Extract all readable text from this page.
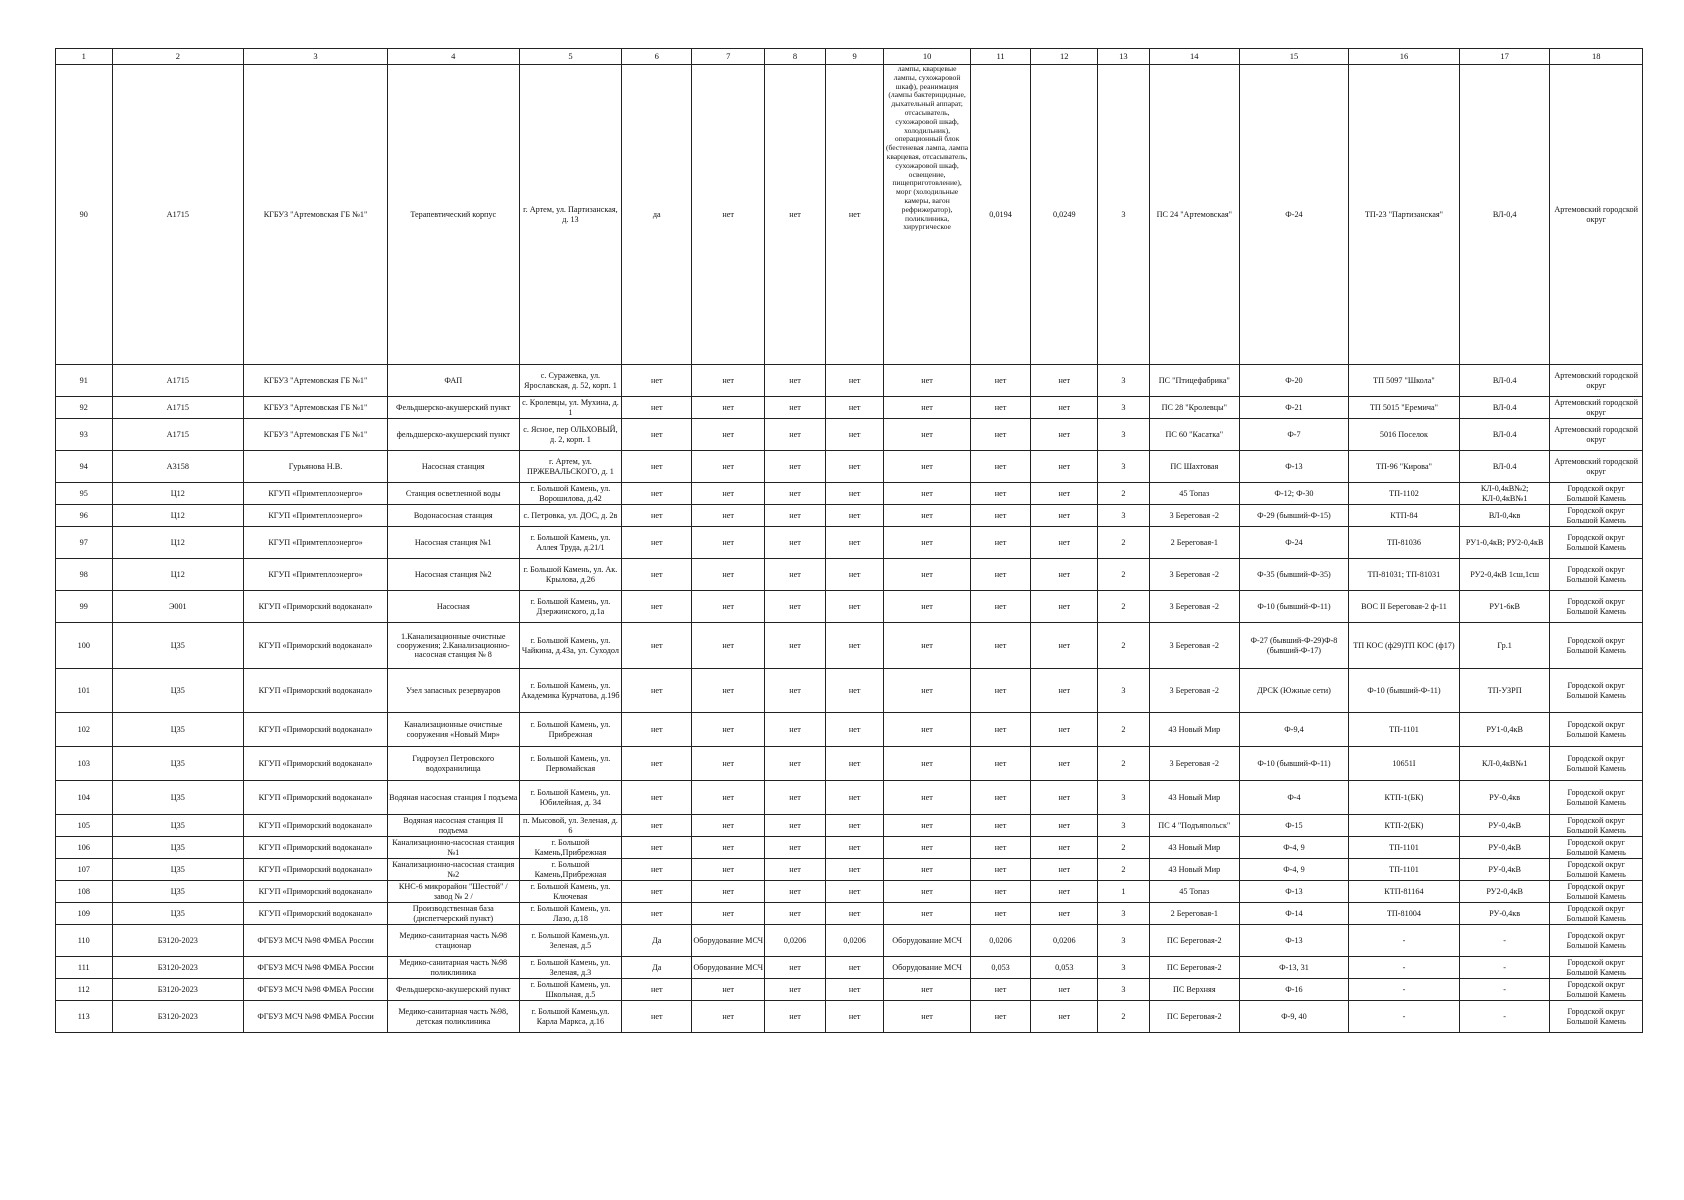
1	2	3	4	5	6	7	8	9	10	11	12	13	14	15	16	17	18
90	А1715	КГБУЗ "Артемовская ГБ №1"	Терапевтический корпус	г. Артем, ул. Партизанская, д. 13	да	нет	нет	нет	лампы, кварцевые лампы, сухожаровой шкаф), реанимация (лампы бактерицидные, дыхательный аппарат, отсасыватель, сухожаровой шкаф, холодильник), операционный блок (бестеневая лампа, лампа кварцевая, отсасыватель, сухожаровой шкаф, освещение, пищеприготовление), морг (холодильные камеры, вагон рефрижератор), поликлиника, хирургическое	0,0194	0,0249	3	ПС 24 "Артемовская"	Ф-24	ТП-23 "Партизанская"	ВЛ-0,4	Артемовский городской округ
91	А1715	КГБУЗ "Артемовская ГБ №1"	ФАП	с. Суражевка, ул. Ярославская, д. 52, корп. 1	нет	нет	нет	нет	нет	нет	нет	3	ПС "Птицефабрика"	Ф-20	ТП 5097 "Школа"	ВЛ-0.4	Артемовский городской округ
92	А1715	КГБУЗ "Артемовская ГБ №1"	Фельдшерско-акушерский пункт	с. Кролевцы, ул. Мухина, д. 1	нет	нет	нет	нет	нет	нет	нет	3	ПС 28 "Кролевцы"	Ф-21	ТП 5015 "Еремича"	ВЛ-0.4	Артемовский городской округ
93	А1715	КГБУЗ "Артемовская ГБ №1"	фельдшерско-акушерский пункт	с. Ясное, пер ОЛЬХОВЫЙ, д. 2, корп. 1	нет	нет	нет	нет	нет	нет	нет	3	ПС 60 "Касатка"	Ф-7	5016 Поселок	ВЛ-0.4	Артемовский городской округ
94	А3158	Гурьянова Н.В.	Насосная станция	г. Артем, ул. ПРЖЕВАЛЬСКОГО, д. 1	нет	нет	нет	нет	нет	нет	нет	3	ПС Шахтовая	Ф-13	ТП-96 "Кирова"	ВЛ-0.4	Артемовский городской округ
95	Ц12	КГУП «Примтеплоэнерго»	Станция осветленной воды	г. Большой Камень, ул. Ворошилова, д.42	нет	нет	нет	нет	нет	нет	нет	2	45 Топаз	Ф-12; Ф-30	ТП-1102	КЛ-0,4кВ№2; КЛ-0,4кВ№1	Городской округ Большой Камень
96	Ц12	КГУП «Примтеплоэнерго»	Водонасосная станция	с. Петровка, ул. ДОС, д. 2в	нет	нет	нет	нет	нет	нет	нет	3	3 Береговая -2	Ф-29 (бывший-Ф-15)	КТП-84	ВЛ-0,4кв	Городской округ Большой Камень
97	Ц12	КГУП «Примтеплоэнерго»	Насосная станция №1	г. Большой Камень, ул. Аллея Труда, д.21/1	нет	нет	нет	нет	нет	нет	нет	2	2 Береговая-1	Ф-24	ТП-81036	РУ1-0,4кВ; РУ2-0,4кВ	Городской округ Большой Камень
98	Ц12	КГУП «Примтеплоэнерго»	Насосная станция №2	г. Большой Камень, ул. Ак. Крылова, д.26	нет	нет	нет	нет	нет	нет	нет	2	3 Береговая -2	Ф-35 (бывший-Ф-35)	ТП-81031; ТП-81031	РУ2-0,4кВ 1сш,1сш	Городской округ Большой Камень
99	Э001	КГУП «Приморский водоканал»	Насосная	г. Большой Камень, ул. Дзержинского, д.1а	нет	нет	нет	нет	нет	нет	нет	2	3 Береговая -2	Ф-10 (бывший-Ф-11)	ВОС II Береговая-2 ф-11	РУ1-6кВ	Городской округ Большой Камень
100	Ц35	КГУП «Приморский водоканал»	1.Канализационные очистные сооружения; 2.Канализационно-насосная станция № 8	г. Большой Камень, ул. Чайкина, д.43а, ул. Суходол	нет	нет	нет	нет	нет	нет	нет	2	3 Береговая -2	Ф-27 (бывший-Ф-29)Ф-8 (бывший-Ф-17)	ТП КОС (ф29)ТП КОС (ф17)	Гр.1	Городской округ Большой Камень
101	Ц35	КГУП «Приморский водоканал»	Узел запасных резервуаров	г. Большой Камень, ул. Академика Курчатова, д.19б	нет	нет	нет	нет	нет	нет	нет	3	3 Береговая -2	ДРСК (Южные сети)	Ф-10 (бывший-Ф-11)	ТП-УЗРП	Городской округ Большой Камень
102	Ц35	КГУП «Приморский водоканал»	Канализационные очистные сооружения «Новый Мир»	г. Большой Камень, ул. Прибрежная	нет	нет	нет	нет	нет	нет	нет	2	43 Новый Мир	Ф-9,4	ТП-1101	РУ1-0,4кВ	Городской округ Большой Камень
103	Ц35	КГУП «Приморский водоканал»	Гидроузел Петровского водохранилища	г. Большой Камень, ул. Первомайская	нет	нет	нет	нет	нет	нет	нет	2	3 Береговая -2	Ф-10 (бывший-Ф-11)	10651I	КЛ-0,4кВ№1	Городской округ Большой Камень
104	Ц35	КГУП «Приморский водоканал»	Водяная насосная станция I подъема	г. Большой Камень, ул. Юбилейная, д. 34	нет	нет	нет	нет	нет	нет	нет	3	43 Новый Мир	Ф-4	КТП-1(БК)	РУ-0,4кв	Городской округ Большой Камень
105	Ц35	КГУП «Приморский водоканал»	Водяная насосная станция II подъема	п. Мысовой, ул. Зеленая, д. 6	нет	нет	нет	нет	нет	нет	нет	3	ПС 4 "Подъяпольск"	Ф-15	КТП-2(БК)	РУ-0,4кВ	Городской округ Большой Камень
106	Ц35	КГУП «Приморский водоканал»	Канализационно-насосная станция №1	г. Большой Камень,Прибрежная	нет	нет	нет	нет	нет	нет	нет	2	43 Новый Мир	Ф-4, 9	ТП-1101	РУ-0,4кВ	Городской округ Большой Камень
107	Ц35	КГУП «Приморский водоканал»	Канализационно-насосная станция №2	г. Большой Камень,Прибрежная	нет	нет	нет	нет	нет	нет	нет	2	43 Новый Мир	Ф-4, 9	ТП-1101	РУ-0,4кВ	Городской округ Большой Камень
108	Ц35	КГУП «Приморский водоканал»	КНС-6 микрорайон "Шестой" / завод № 2 /	г. Большой Камень, ул. Ключевая	нет	нет	нет	нет	нет	нет	нет	1	45 Топаз	Ф-13	КТП-81164	РУ2-0,4кВ	Городской округ Большой Камень
109	Ц35	КГУП «Приморский водоканал»	Производственная база (диспетчерский пункт)	г. Большой Камень, ул. Лазо, д.18	нет	нет	нет	нет	нет	нет	нет	3	2 Береговая-1	Ф-14	ТП-81004	РУ-0,4кв	Городской округ Большой Камень
110	Б3120-2023	ФГБУЗ МСЧ №98 ФМБА России	Медико-санитарная часть №98 стационар	г. Большой Камень,ул. Зеленая, д.5	Да	Оборудование МСЧ	0,0206	0,0206	Оборудование МСЧ	0,0206	0,0206	3	ПС Береговая-2	Ф-13	-	-	Городской округ Большой Камень
111	Б3120-2023	ФГБУЗ МСЧ №98 ФМБА России	Медико-санитарная часть №98 поликлиника	г. Большой Камень, ул. Зеленая, д.3	Да	Оборудование МСЧ	нет	нет	Оборудование МСЧ	0,053	0,053	3	ПС Береговая-2	Ф-13, 31	-	-	Городской округ Большой Камень
112	Б3120-2023	ФГБУЗ МСЧ №98 ФМБА России	Фельдшерско-акушерский пункт	г. Большой Камень, ул. Школьная, д.5	нет	нет	нет	нет	нет	нет	нет	3	ПС Верхняя	Ф-16	-	-	Городской округ Большой Камень
113	Б3120-2023	ФГБУЗ МСЧ №98 ФМБА России	Медико-санитарная часть №98, детская поликлиника	г. Большой Камень,ул. Карла Маркса, д.16	нет	нет	нет	нет	нет	нет	нет	2	ПС Береговая-2	Ф-9, 40	-	-	Городской округ Большой Камень
